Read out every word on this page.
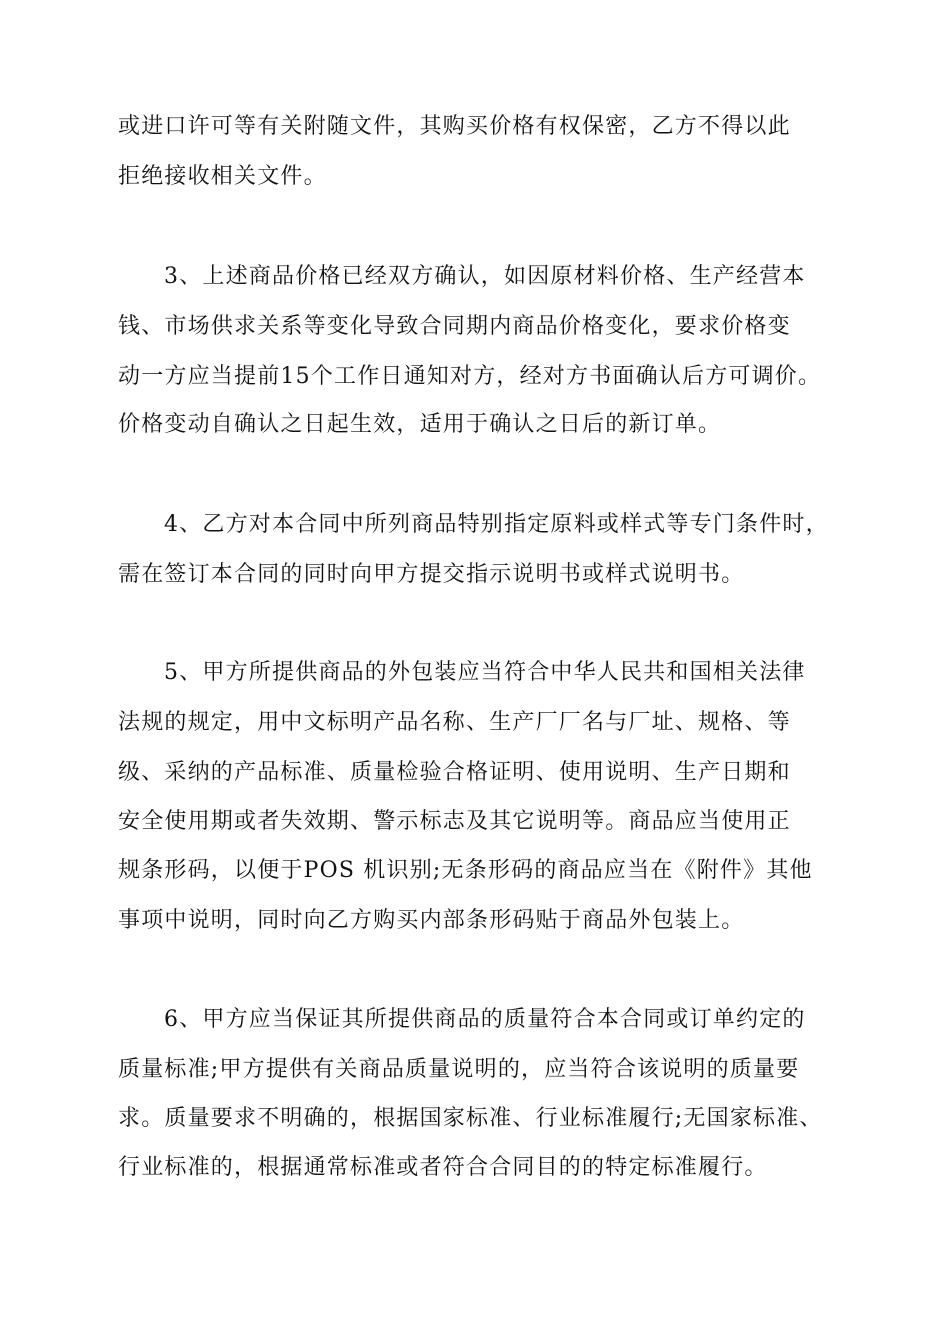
或进口许可等有关附随文件，其购买价格有权保密，乙方不得以此
拒绝接收相关文件。
3、上述商品价格已经双方确认，如因原材料价格、生产经营本
钱、市场供求关系等变化导致合同期内商品价格变化，要求价格变
动一方应当提前15个工作日通知对方，经对方书面确认后方可调价。
价格变动自确认之日起生效，适用于确认之日后的新订单。
4、乙方对本合同中所列商品特别指定原料或样式等专门条件时，
需在签订本合同的同时向甲方提交指示说明书或样式说明书。
5、甲方所提供商品的外包装应当符合中华人民共和国相关法律
法规的规定，用中文标明产品名称、生产厂厂名与厂址、规格、等
级、采纳的产品标准、质量检验合格证明、使用说明、生产日期和
安全使用期或者失效期、警示标志及其它说明等。商品应当使用正
规条形码，以便于POS 机识别;无条形码的商品应当在《附件》其他
事项中说明，同时向乙方购买内部条形码贴于商品外包装上。
6、甲方应当保证其所提供商品的质量符合本合同或订单约定的
质量标准;甲方提供有关商品质量说明的，应当符合该说明的质量要
求。质量要求不明确的，根据国家标准、行业标准履行;无国家标准、
行业标准的，根据通常标准或者符合合同目的的特定标准履行。
